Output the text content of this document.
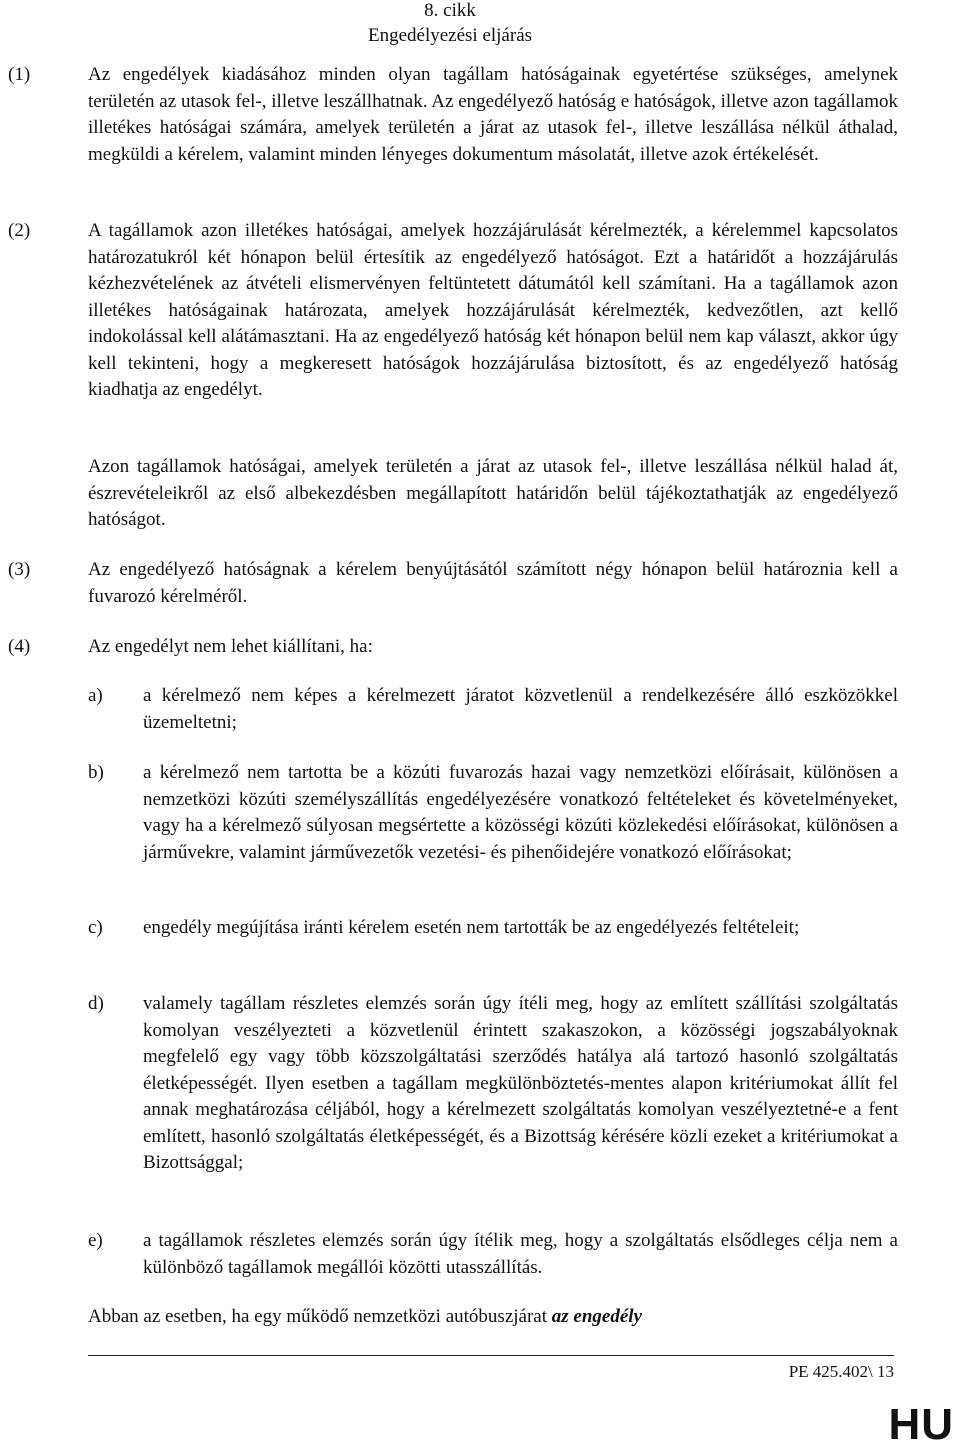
8. cikk
Engedélyezési eljárás
(1)	Az engedélyek kiadásához minden olyan tagállam hatóságainak egyetértése szükséges, amelynek területén az utasok fel-, illetve leszállhatnak. Az engedélyező hatóság e hatóságok, illetve azon tagállamok illetékes hatóságai számára, amelyek területén a járat az utasok fel-, illetve leszállása nélkül áthalad, megküldi a kérelem, valamint minden lényeges dokumentum másolatát, illetve azok értékelését.
(2)	A tagállamok azon illetékes hatóságai, amelyek hozzájárulását kérelmezték, a kérelemmel kapcsolatos határozatukról két hónapon belül értesítik az engedélyező hatóságot. Ezt a határidőt a hozzájárulás kézhezvételének az átvételi elismervényen feltüntetett dátumától kell számítani. Ha a tagállamok azon illetékes hatóságainak határozata, amelyek hozzájárulását kérelmezték, kedvezőtlen, azt kellő indokolással kell alátámasztani. Ha az engedélyező hatóság két hónapon belül nem kap választ, akkor úgy kell tekinteni, hogy a megkeresett hatóságok hozzájárulása biztosított, és az engedélyező hatóság kiadhatja az engedélyt.
Azon tagállamok hatóságai, amelyek területén a járat az utasok fel-, illetve leszállása nélkül halad át, észrevételeikről az első albekezdésben megállapított határidőn belül tájékoztathatják az engedélyező hatóságot.
(3)	Az engedélyező hatóságnak a kérelem benyújtásától számított négy hónapon belül határoznia kell a fuvarozó kérelméről.
(4)	Az engedélyt nem lehet kiállítani, ha:
a) a kérelmező nem képes a kérelmezett járatot közvetlenül a rendelkezésére álló eszközökkel üzemeltetni;
b) a kérelmező nem tartotta be a közúti fuvarozás hazai vagy nemzetközi előírásait, különösen a nemzetközi közúti személyszállítás engedélyezésére vonatkozó feltételeket és követelményeket, vagy ha a kérelmező súlyosan megsértette a közösségi közúti közlekedési előírásokat, különösen a járművekre, valamint járművezetők vezetési- és pihenőidejére vonatkozó előírásokat;
c) engedély megújítása iránti kérelem esetén nem tartották be az engedélyezés feltételeit;
d) valamely tagállam részletes elemzés során úgy ítéli meg, hogy az említett szállítási szolgáltatás komolyan veszélyezteti a közvetlenül érintett szakaszokon, a közösségi jogszabályoknak megfelelő egy vagy több közszolgáltatási szerződés hatálya alá tartozó hasonló szolgáltatás életképességét. Ilyen esetben a tagállam megkülönböztetés-mentes alapon kritériumokat állít fel annak meghatározása céljából, hogy a kérelmezett szolgáltatás komolyan veszélyeztetné-e a fent említett, hasonló szolgáltatás életképességét, és a Bizottság kérésére közli ezeket a kritériumokat a Bizottsággal;
e) a tagállamok részletes elemzés során úgy ítélik meg, hogy a szolgáltatás elsődleges célja nem a különböző tagállamok megállói közötti utasszállítás.
Abban az esetben, ha egy működő nemzetközi autóbuszjárat az engedély
PE 425.402\ 13
HU
